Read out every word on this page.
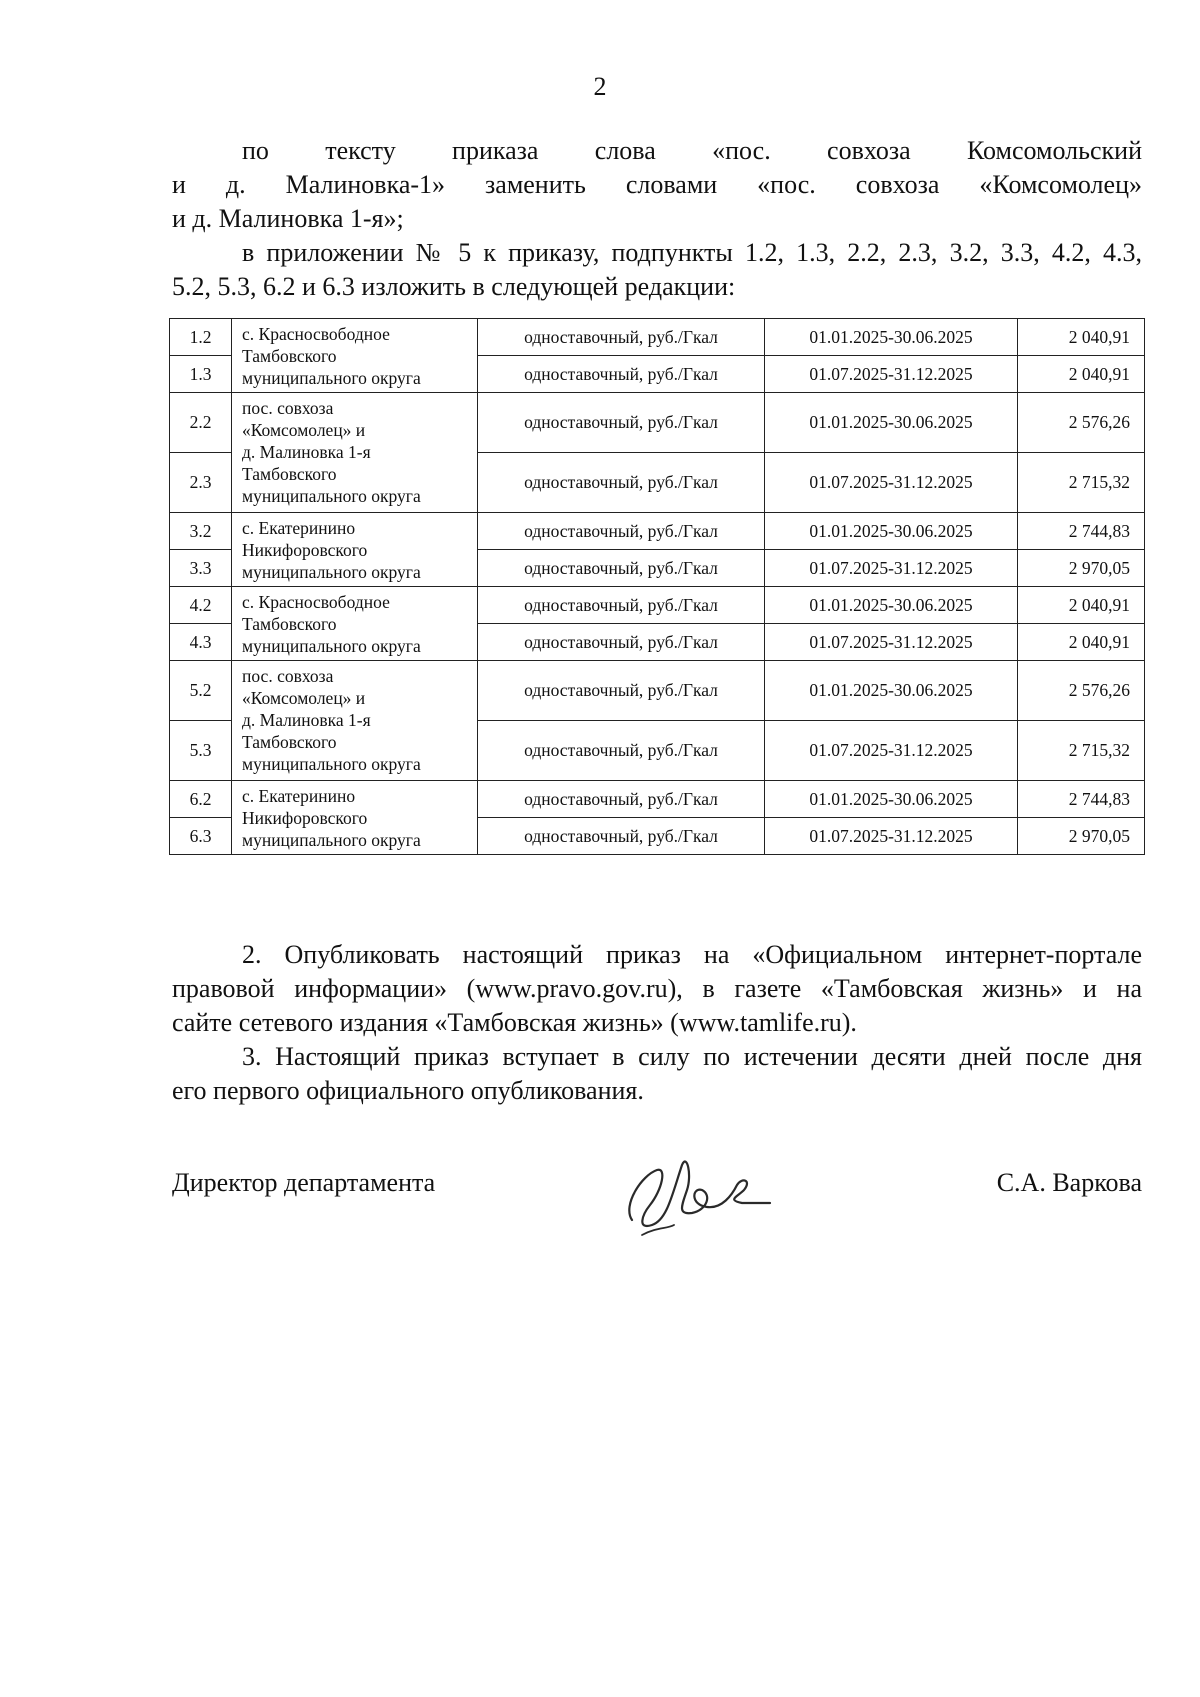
2

по тексту приказа слова «пос. совхоза Комсомольский

и д. Малиновка-1» заменить словами «пос. совхоза «Комсомолец»

и д. Малиновка 1-я»;

в приложении № 5 к приказу, подпункты 1.2, 1.3, 2.2, 2.3, 3.2, 3.3, 4.2, 4.3,

5.2, 5.3, 6.2 и 6.3 изложить в следующей редакции:

1.2	с. Красносвободное
Тамбовского
муниципального округа	одноставочный, руб./Гкал	01.01.2025-30.06.2025	2 040,91
1.3		одноставочный, руб./Гкал	01.07.2025-31.12.2025	2 040,91
2.2	пос. совхоза
«Комсомолец» и
д. Малиновка 1-я
Тамбовского
муниципального округа	одноставочный, руб./Гкал	01.01.2025-30.06.2025	2 576,26
2.3		одноставочный, руб./Гкал	01.07.2025-31.12.2025	2 715,32
3.2	с. Екатеринино
Никифоровского
муниципального округа	одноставочный, руб./Гкал	01.01.2025-30.06.2025	2 744,83
3.3		одноставочный, руб./Гкал	01.07.2025-31.12.2025	2 970,05
4.2	с. Красносвободное
Тамбовского
муниципального округа	одноставочный, руб./Гкал	01.01.2025-30.06.2025	2 040,91
4.3		одноставочный, руб./Гкал	01.07.2025-31.12.2025	2 040,91
5.2	пос. совхоза
«Комсомолец» и
д. Малиновка 1-я
Тамбовского
муниципального округа	одноставочный, руб./Гкал	01.01.2025-30.06.2025	2 576,26
5.3		одноставочный, руб./Гкал	01.07.2025-31.12.2025	2 715,32
6.2	с. Екатеринино
Никифоровского
муниципального округа	одноставочный, руб./Гкал	01.01.2025-30.06.2025	2 744,83
6.3		одноставочный, руб./Гкал	01.07.2025-31.12.2025	2 970,05

2. Опубликовать настоящий приказ на «Официальном интернет-портале

правовой информации» (www.pravo.gov.ru), в газете «Тамбовская жизнь» и на

сайте сетевого издания «Тамбовская жизнь» (www.tamlife.ru).

3. Настоящий приказ вступает в силу по истечении десяти дней после дня

его первого официального опубликования.

Директор департамента	С.А. Варкова
